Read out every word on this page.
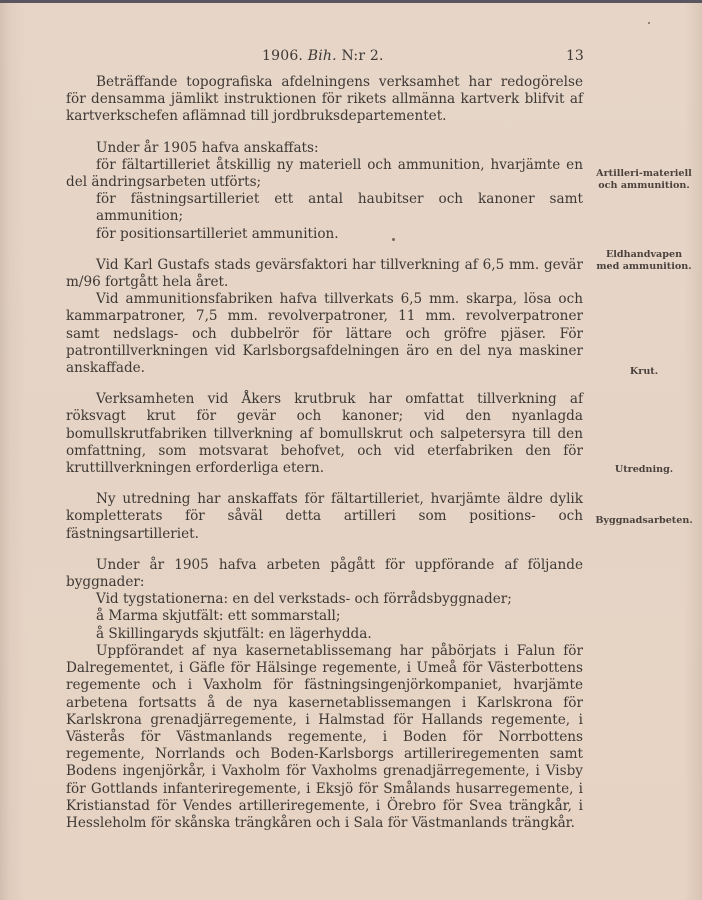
1906. Bih. N:r 2.	13

Beträffande topografiska afdelningens verksamhet har redogörelse för densamma jämlikt instruktionen för rikets allmänna kartverk blifvit af kartverkschefen aflämnad till jordbruksdepartementet.

Under år 1905 hafva anskaffats:

för fältartilleriet åtskillig ny materiell och ammunition, hvarjämte en del ändringsarbeten utförts;

för fästningsartilleriet ett antal haubitser och kanoner samt ammunition;

för positionsartilleriet ammunition.

Vid Karl Gustafs stads gevärsfaktori har tillverkning af 6,5 mm. gevär m/96 fortgått hela året.

Vid ammunitionsfabriken hafva tillverkats 6,5 mm. skarpa, lösa och kammarpatroner, 7,5 mm. revolverpatroner, 11 mm. revolverpatroner samt nedslags- och dubbelrör för lättare och gröfre pjäser. För patrontillverkningen vid Karlsborgsafdelningen äro en del nya maskiner anskaffade.

Verksamheten vid Åkers krutbruk har omfattat tillverkning af röksvagt krut för gevär och kanoner; vid den nyanlagda bomullskrutfabriken tillverkning af bomullskrut och salpetersyra till den omfattning, som motsvarat behofvet, och vid eterfabriken den för kruttillverkningen erforderliga etern.

Ny utredning har anskaffats för fältartilleriet, hvarjämte äldre dylik kompletterats för såväl detta artilleri som positions- och fästningsartilleriet.

Under år 1905 hafva arbeten pågått för uppförande af följande byggnader:

Vid tygstationerna: en del verkstads- och förrådsbyggnader;

å Marma skjutfält: ett sommarstall;

å Skillingaryds skjutfält: en lägerhydda.

Uppförandet af nya kasernetablissemang har påbörjats i Falun för Dalregementet, i Gäfle för Hälsinge regemente, i Umeå för Västerbottens regemente och i Vaxholm för fästningsingenjörkompaniet, hvarjämte arbetena fortsatts å de nya kasernetablissemangen i Karlskrona för Karlskrona grenadjärregemente, i Halmstad för Hallands regemente, i Västerås för Västmanlands regemente, i Boden för Norrbottens regemente, Norrlands och Boden-Karlsborgs artilleriregementen samt Bodens ingenjörkår, i Vaxholm för Vaxholms grenadjärregemente, i Visby för Gottlands infanteriregemente, i Eksjö för Smålands husarregemente, i Kristianstad för Vendes artilleriregemente, i Örebro för Svea trängkår, i Hessleholm för skånska trängkåren och i Sala för Västmanlands trängkår.

Artilleri-materiell och ammunition.
Eldhandvapen med ammunition.
Krut.
Utredning.
Byggnadsarbeten.
